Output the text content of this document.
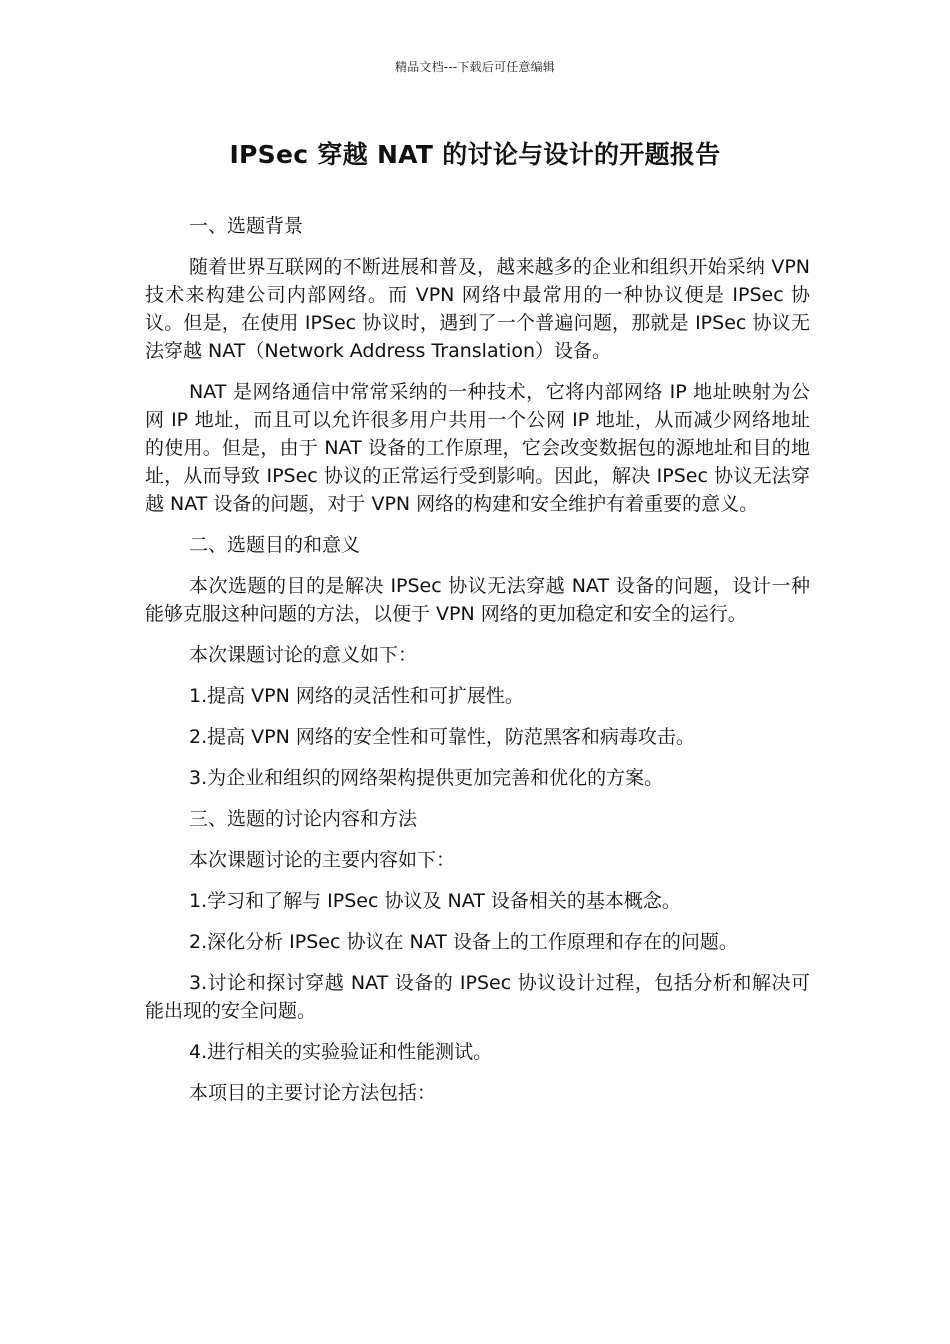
精品文档---下载后可任意编辑
IPSec 穿越 NAT 的讨论与设计的开题报告

一、选题背景

随着世界互联网的不断进展和普及，越来越多的企业和组织开始采纳 VPN 技术来构建公司内部网络。而 VPN 网络中最常用的一种协议便是 IPSec 协议。但是，在使用 IPSec 协议时，遇到了一个普遍问题，那就是 IPSec 协议无法穿越 NAT（Network Address Translation）设备。

NAT 是网络通信中常常采纳的一种技术，它将内部网络 IP 地址映射为公网 IP 地址，而且可以允许很多用户共用一个公网 IP 地址，从而减少网络地址的使用。但是，由于 NAT 设备的工作原理，它会改变数据包的源地址和目的地址，从而导致 IPSec 协议的正常运行受到影响。因此，解决 IPSec 协议无法穿越 NAT 设备的问题，对于 VPN 网络的构建和安全维护有着重要的意义。

二、选题目的和意义

本次选题的目的是解决 IPSec 协议无法穿越 NAT 设备的问题，设计一种能够克服这种问题的方法，以便于 VPN 网络的更加稳定和安全的运行。

本次课题讨论的意义如下：

1.提高 VPN 网络的灵活性和可扩展性。

2.提高 VPN 网络的安全性和可靠性，防范黑客和病毒攻击。

3.为企业和组织的网络架构提供更加完善和优化的方案。

三、选题的讨论内容和方法

本次课题讨论的主要内容如下：

1.学习和了解与 IPSec 协议及 NAT 设备相关的基本概念。

2.深化分析 IPSec 协议在 NAT 设备上的工作原理和存在的问题。

3.讨论和探讨穿越 NAT 设备的 IPSec 协议设计过程，包括分析和解决可能出现的安全问题。

4.进行相关的实验验证和性能测试。

本项目的主要讨论方法包括：
